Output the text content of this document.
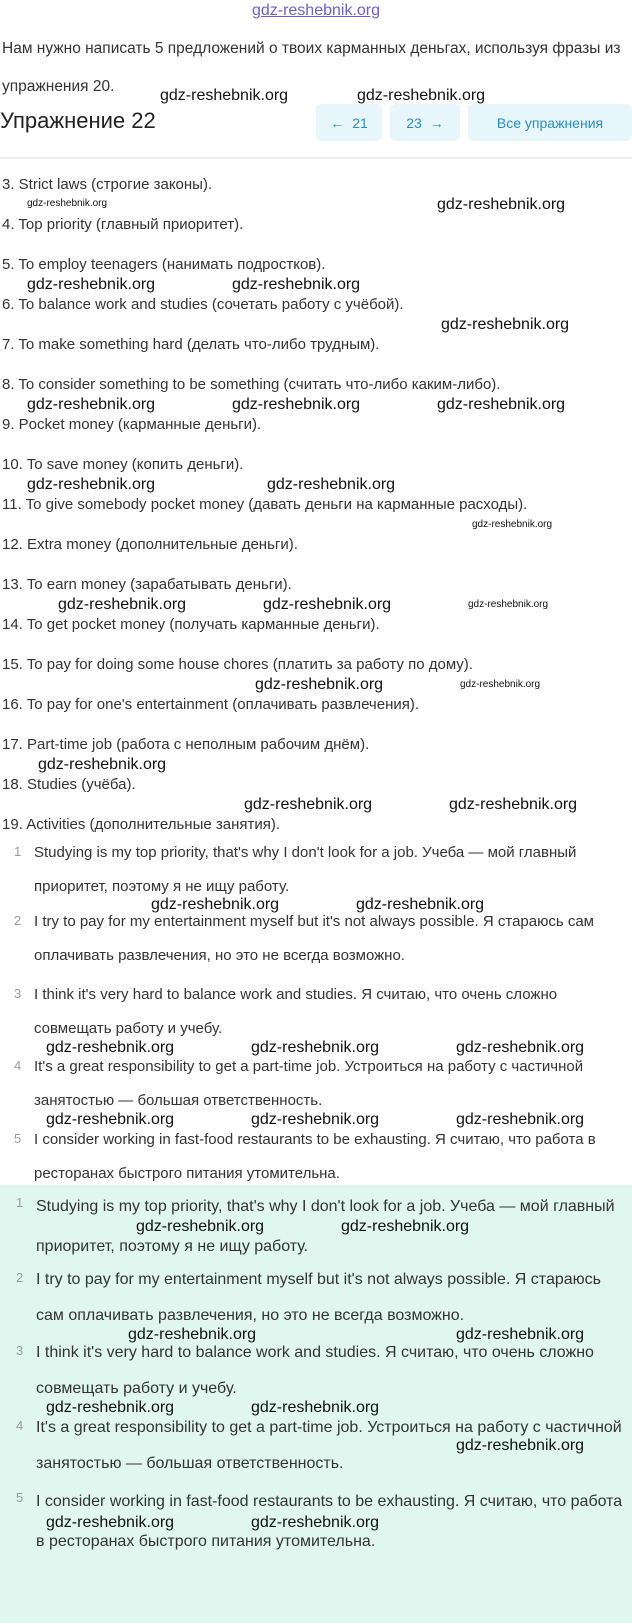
gdz-reshebnik.org
Нам нужно написать 5 предложений о твоих карманных деньгах, используя фразы из упражнения 20.
Упражнение 22	← 21	23 →	Все упражнения
3. Strict laws (строгие законы).
4. Top priority (главный приоритет).
5. To employ teenagers (нанимать подростков).
6. To balance work and studies (сочетать работу с учёбой).
7. To make something hard (делать что-либо трудным).
8. To consider something to be something (считать что-либо каким-либо).
9. Pocket money (карманные деньги).
10. To save money (копить деньги).
11. To give somebody pocket money (давать деньги на карманные расходы).
12. Extra money (дополнительные деньги).
13. To earn money (зарабатывать деньги).
14. To get pocket money (получать карманные деньги).
15. To pay for doing some house chores (платить за работу по дому).
16. To pay for one's entertainment (оплачивать развлечения).
17. Part-time job (работа с неполным рабочим днём).
18. Studies (учёба).
19. Activities (дополнительные занятия).
1 Studying is my top priority, that's why I don't look for a job. Учеба — мой главный приоритет, поэтому я не ищу работу.
2 I try to pay for my entertainment myself but it's not always possible. Я стараюсь сам оплачивать развлечения, но это не всегда возможно.
3 I think it's very hard to balance work and studies. Я считаю, что очень сложно совмещать работу и учебу.
4 It's a great responsibility to get a part-time job. Устроиться на работу с частичной занятостью — большая ответственность.
5 I consider working in fast-food restaurants to be exhausting. Я считаю, что работа в ресторанах быстрого питания утомительна.
1 Studying is my top priority, that's why I don't look for a job. Учеба — мой главный приоритет, поэтому я не ищу работу.
2 I try to pay for my entertainment myself but it's not always possible. Я стараюсь сам оплачивать развлечения, но это не всегда возможно.
3 I think it's very hard to balance work and studies. Я считаю, что очень сложно совмещать работу и учебу.
4 It's a great responsibility to get a part-time job. Устроиться на работу с частичной занятостью — большая ответственность.
5 I consider working in fast-food restaurants to be exhausting. Я считаю, что работа в ресторанах быстрого питания утомительна.
gdz-reshebnik.org	gdz-reshebnik.org
gdz-reshebnik.org	gdz-reshebnik.org
gdz-reshebnik.org	gdz-reshebnik.org
gdz-reshebnik.org
gdz-reshebnik.org	gdz-reshebnik.org	gdz-reshebnik.org
gdz-reshebnik.org	gdz-reshebnik.org
gdz-reshebnik.org
gdz-reshebnik.org
gdz-reshebnik.org	gdz-reshebnik.org
gdz-reshebnik.org	gdz-reshebnik.org
gdz-reshebnik.org
gdz-reshebnik.org	gdz-reshebnik.org
gdz-reshebnik.org	gdz-reshebnik.org
gdz-reshebnik.org	gdz-reshebnik.org	gdz-reshebnik.org
gdz-reshebnik.org	gdz-reshebnik.org	gdz-reshebnik.org
gdz-reshebnik.org	gdz-reshebnik.org
gdz-reshebnik.org	gdz-reshebnik.org
gdz-reshebnik.org	gdz-reshebnik.org
gdz-reshebnik.org
gdz-reshebnik.org	gdz-reshebnik.org
